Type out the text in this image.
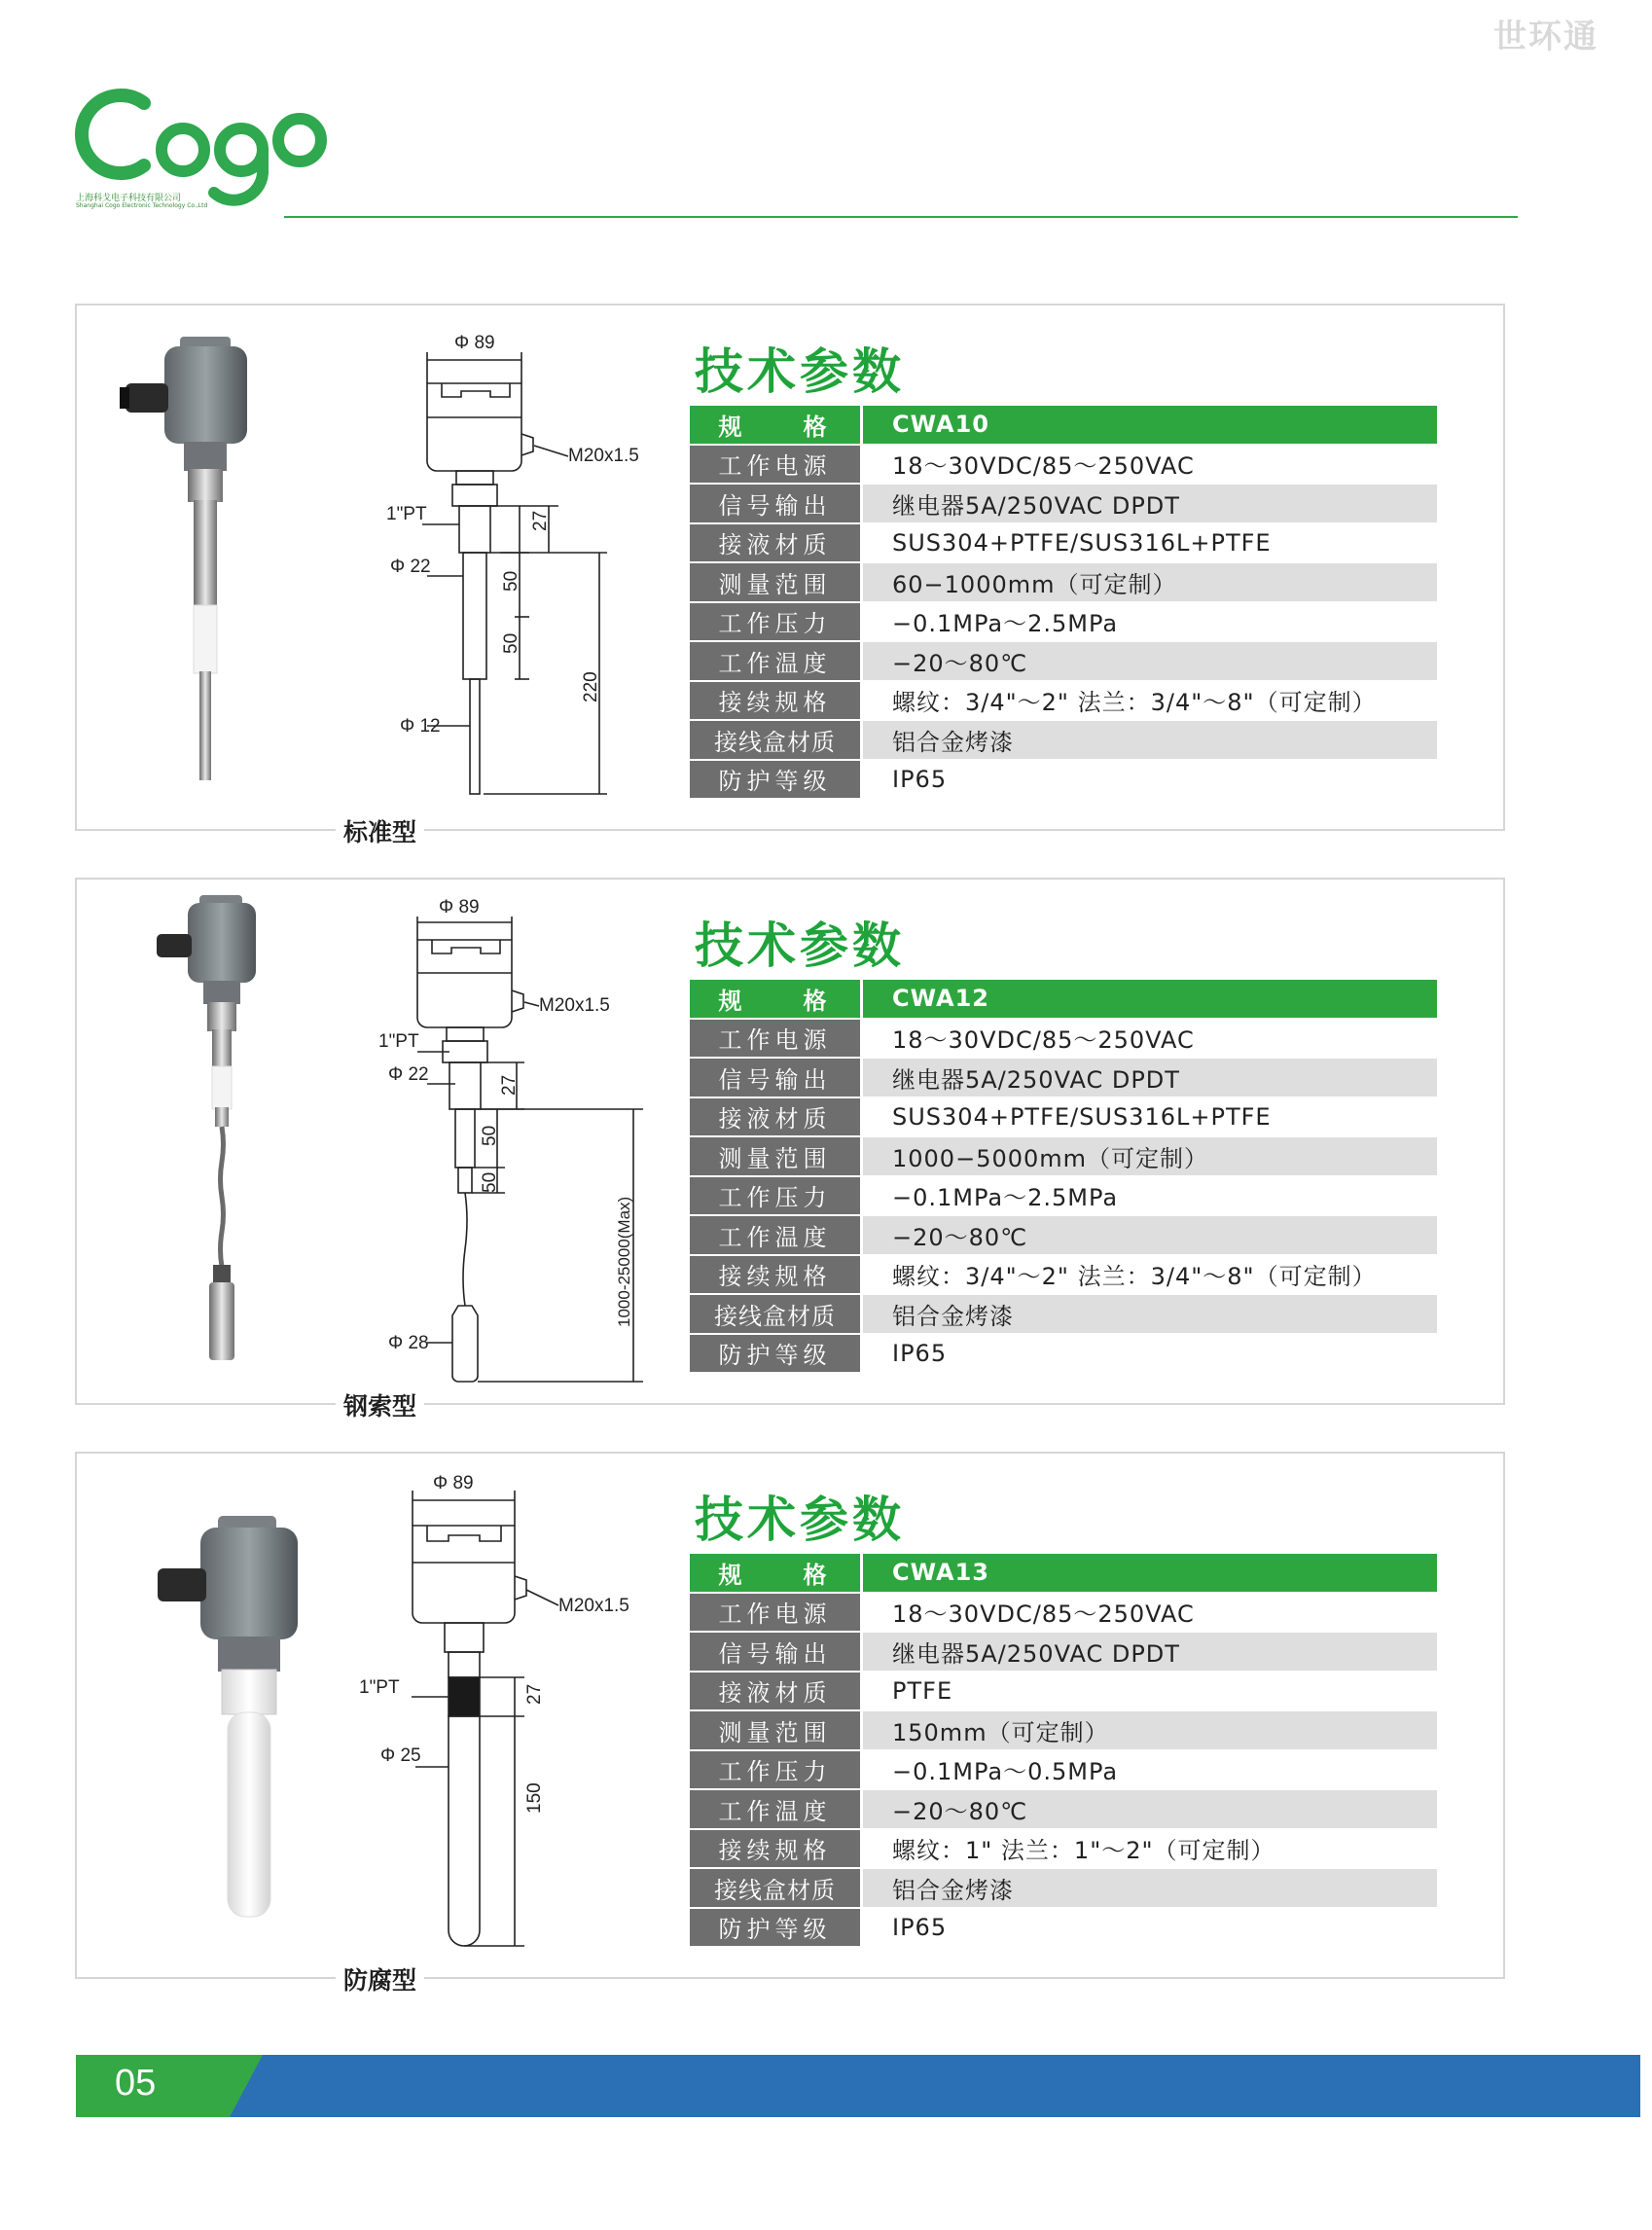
世环通
上海科戈电子科技有限公司
Shanghai Cogo Electronic Technology Co.,Ltd
Φ 89
M20x1.5
1"PT
Φ 22
Φ 12
27
50
50
220
技术参数
规　　格	CWA10
工作电源	18～30VDC/85～250VAC
信号输出	继电器5A/250VAC DPDT
接液材质	SUS304+PTFE/SUS316L+PTFE
测量范围	60−1000mm（可定制）
工作压力	−0.1MPa～2.5MPa
工作温度	−20～80℃
接续规格	螺纹：3/4"～2" 法兰：3/4"～8"（可定制）
接线盒材质	铝合金烤漆
防护等级	IP65
标准型
Φ 89
M20x1.5
1"PT
Φ 22
Φ 28
27
50
50
1000-25000(Max)
技术参数
规　　格	CWA12
工作电源	18～30VDC/85～250VAC
信号输出	继电器5A/250VAC DPDT
接液材质	SUS304+PTFE/SUS316L+PTFE
测量范围	1000−5000mm（可定制）
工作压力	−0.1MPa～2.5MPa
工作温度	−20～80℃
接续规格	螺纹：3/4"～2" 法兰：3/4"～8"（可定制）
接线盒材质	铝合金烤漆
防护等级	IP65
钢索型
Φ 89
M20x1.5
1"PT
Φ 25
27
150
技术参数
规　　格	CWA13
工作电源	18～30VDC/85～250VAC
信号输出	继电器5A/250VAC DPDT
接液材质	PTFE
测量范围	150mm（可定制）
工作压力	−0.1MPa～0.5MPa
工作温度	−20～80℃
接续规格	螺纹：1" 法兰：1"～2"（可定制）
接线盒材质	铝合金烤漆
防护等级	IP65
防腐型
05
